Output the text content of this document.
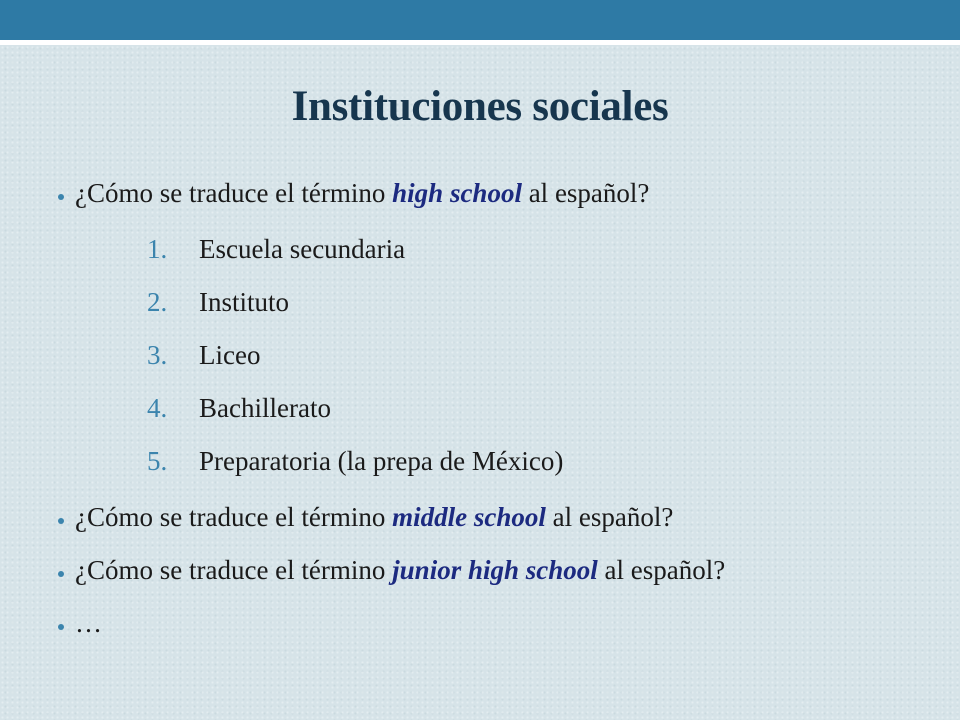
Instituciones sociales
¿Cómo se traduce el término high school al español?
1. Escuela secundaria
2. Instituto
3. Liceo
4. Bachillerato
5. Preparatoria (la prepa de México)
¿Cómo se traduce el término middle school al español?
¿Cómo se traduce el término junior high school al español?
…
